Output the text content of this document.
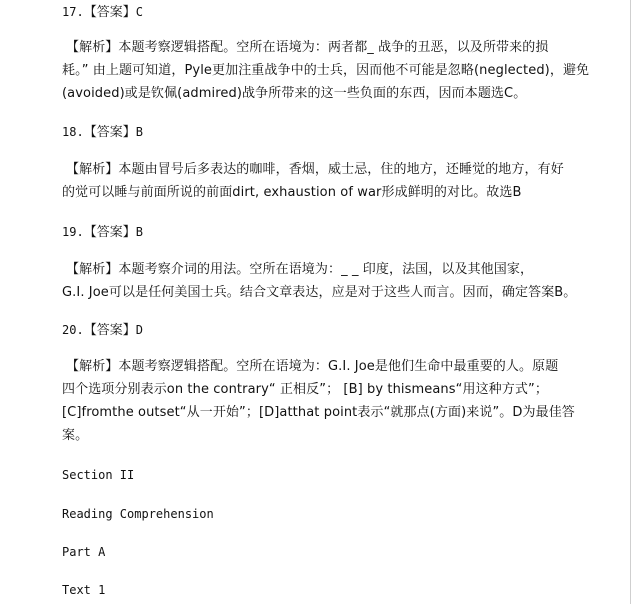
17.【答案】C

【解析】本题考察逻辑搭配。空所在语境为：两者都_ 战争的丑恶，以及所带来的损

耗。” 由上题可知道，Pyle更加注重战争中的士兵，因而他不可能是忽略(neglected)，避免

(avoided)或是钦佩(admired)战争所带来的这一些负面的东西，因而本题选C。

18.【答案】B

【解析】本题由冒号后多表达的咖啡，香烟，威士忌，住的地方，还睡觉的地方，有好

的觉可以睡与前面所说的前面dirt, exhaustion of war形成鲜明的对比。故选B

19.【答案】B

【解析】本题考察介词的用法。空所在语境为：_ _ 印度，法国，以及其他国家，

G.I. Joe可以是任何美国士兵。结合文章表达，应是对于这些人而言。因而，确定答案B。

20.【答案】D

【解析】本题考察逻辑搭配。空所在语境为：G.I. Joe是他们生命中最重要的人。原题

四个选项分别表示on the contrary“ 正相反”； [B] by thismeans“用这种方式”；

[C]fromthe outset“从一开始”；[D]atthat point表示“就那点(方面)来说”。D为最佳答

案。

Section II
Reading Comprehension
Part A
Text 1
